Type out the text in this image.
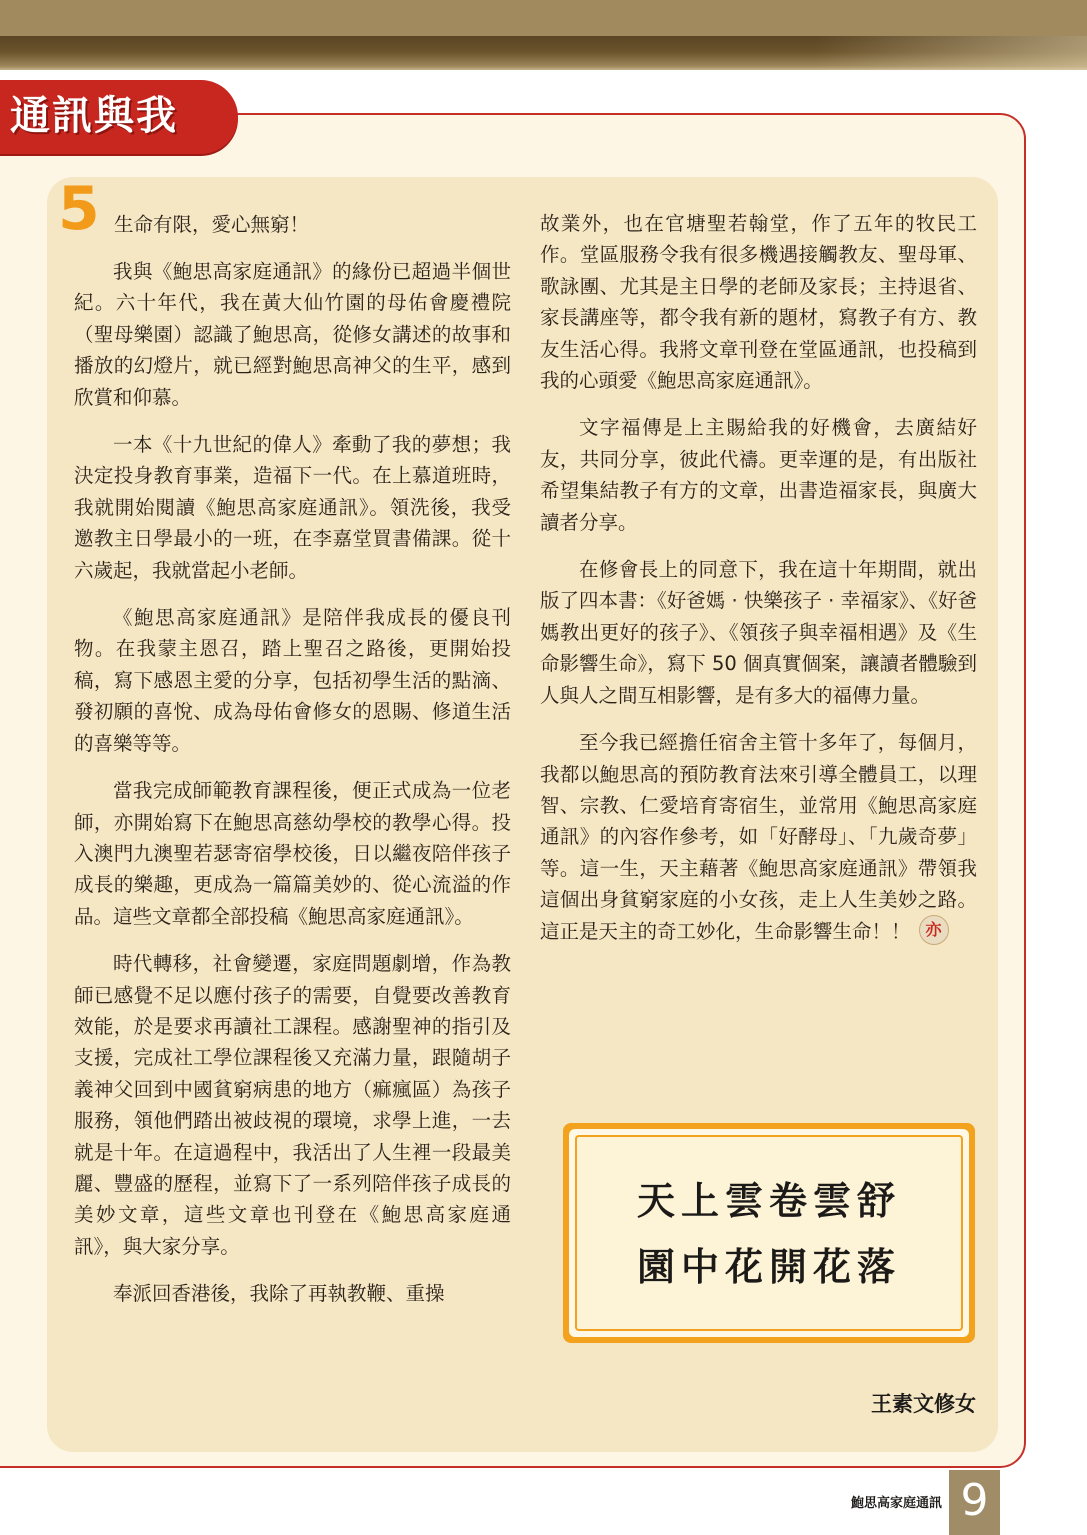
通訊與我
5 生命有限，愛心無窮！

我與《鮑思高家庭通訊》的緣份已超過半個世紀。六十年代，我在黃大仙竹園的母佑會慶禮院（聖母樂園）認識了鮑思高，從修女講述的故事和播放的幻燈片，就已經對鮑思高神父的生平，感到欣賞和仰慕。

一本《十九世紀的偉人》牽動了我的夢想；我決定投身教育事業，造福下一代。在上慕道班時，我就開始閱讀《鮑思高家庭通訊》。領洗後，我受邀教主日學最小的一班，在李嘉堂買書備課。從十六歲起，我就當起小老師。

《鮑思高家庭通訊》是陪伴我成長的優良刊物。在我蒙主恩召，踏上聖召之路後，更開始投稿，寫下感恩主愛的分享，包括初學生活的點滴、發初願的喜悅、成為母佑會修女的恩賜、修道生活的喜樂等等。

當我完成師範教育課程後，便正式成為一位老師，亦開始寫下在鮑思高慈幼學校的教學心得。投入澳門九澳聖若瑟寄宿學校後，日以繼夜陪伴孩子成長的樂趣，更成為一篇篇美妙的、從心流溢的作品。這些文章都全部投稿《鮑思高家庭通訊》。

時代轉移，社會變遷，家庭問題劇增，作為教師已感覺不足以應付孩子的需要，自覺要改善教育效能，於是要求再讀社工課程。感謝聖神的指引及支援，完成社工學位課程後又充滿力量，跟隨胡子義神父回到中國貧窮病患的地方（痲瘋區）為孩子服務，領他們踏出被歧視的環境，求學上進，一去就是十年。在這過程中，我活出了人生裡一段最美麗、豐盛的歷程，並寫下了一系列陪伴孩子成長的美妙文章，這些文章也刊登在《鮑思高家庭通訊》，與大家分享。

奉派回香港後，我除了再執教鞭、重操

故業外，也在官塘聖若翰堂，作了五年的牧民工作。堂區服務令我有很多機遇接觸教友、聖母軍、歌詠團、尤其是主日學的老師及家長；主持退省、家長講座等，都令我有新的題材，寫教子有方、教友生活心得。我將文章刊登在堂區通訊，也投稿到我的心頭愛《鮑思高家庭通訊》。

文字福傳是上主賜給我的好機會，去廣結好友，共同分享，彼此代禱。更幸運的是，有出版社希望集結教子有方的文章，出書造福家長，與廣大讀者分享。

在修會長上的同意下，我在這十年期間，就出版了四本書：《好爸媽 · 快樂孩子 · 幸福家》、《好爸媽教出更好的孩子》、《領孩子與幸福相遇》及《生命影響生命》，寫下 50 個真實個案，讓讀者體驗到人與人之間互相影響，是有多大的福傳力量。

至今我已經擔任宿舍主管十多年了，每個月，我都以鮑思高的預防教育法來引導全體員工，以理智、宗教、仁愛培育寄宿生，並常用《鮑思高家庭通訊》的內容作參考，如「好酵母」、「九歲奇夢」等。這一生，天主藉著《鮑思高家庭通訊》帶領我這個出身貧窮家庭的小女孩，走上人生美妙之路。這正是天主的奇工妙化，生命影響生命！！ 亦

天上雲卷雲舒
園中花開花落
王素文修女
鮑思高家庭通訊 9
